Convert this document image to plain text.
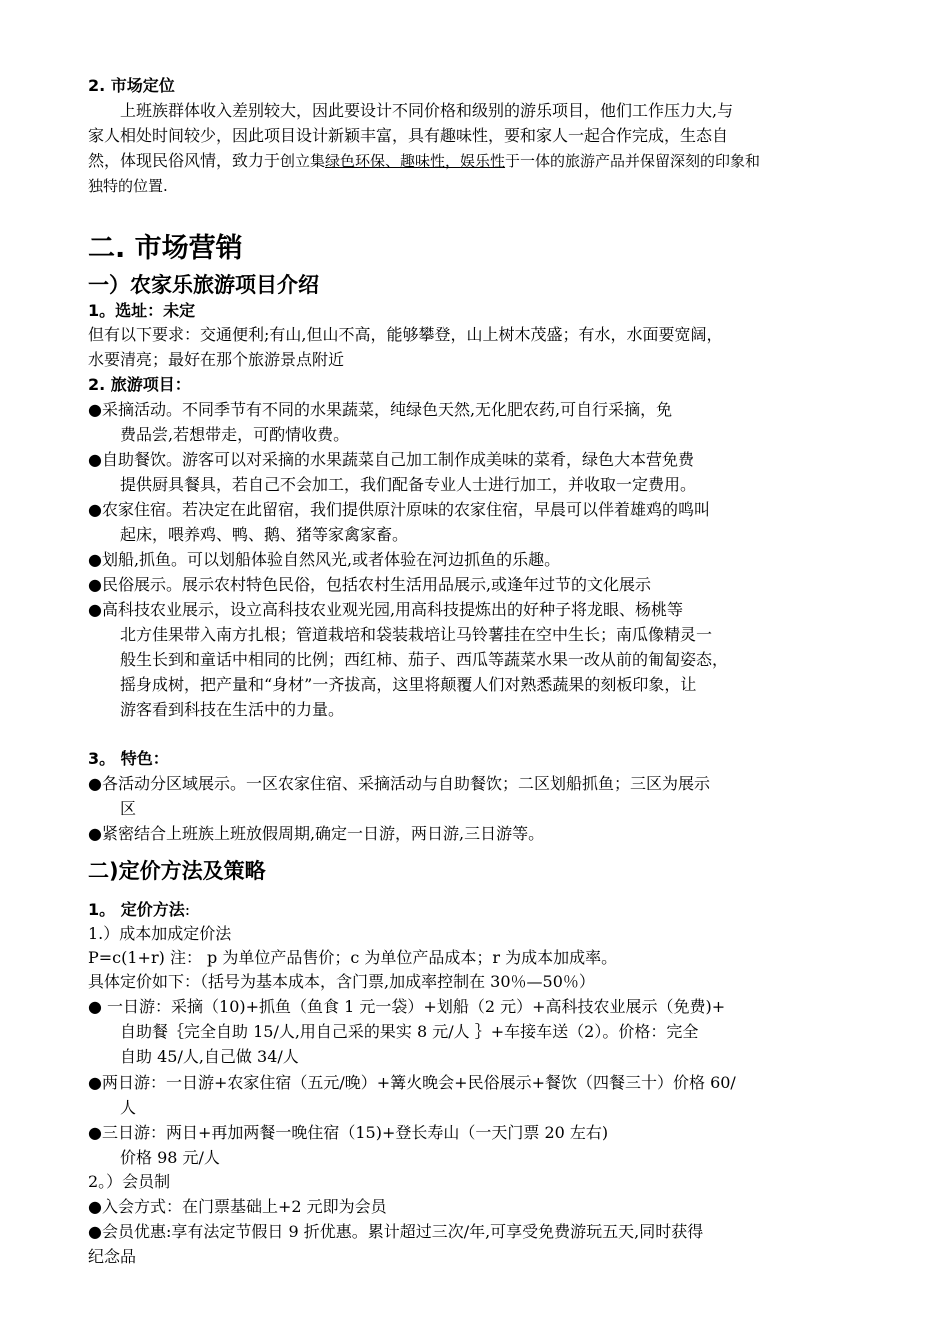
2. 市场定位
上班族群体收入差别较大，因此要设计不同价格和级别的游乐项目，他们工作压力大,与
家人相处时间较少，因此项目设计新颖丰富，具有趣味性，要和家人一起合作完成，生态自
然，体现民俗风情，致力于创立集绿色环保、趣味性，娱乐性于一体的旅游产品并保留深刻的印象和
独特的位置.
二. 市场营销
一）农家乐旅游项目介绍
1。选址：未定
但有以下要求：交通便利;有山,但山不高，能够攀登，山上树木茂盛；有水，水面要宽阔，
水要清亮；最好在那个旅游景点附近
2. 旅游项目：
●采摘活动。不同季节有不同的水果蔬菜，纯绿色天然,无化肥农药,可自行采摘，免
费品尝,若想带走，可酌情收费。
●自助餐饮。游客可以对采摘的水果蔬菜自己加工制作成美味的菜肴，绿色大本营免费
提供厨具餐具，若自己不会加工，我们配备专业人士进行加工，并收取一定费用。
●农家住宿。若决定在此留宿，我们提供原汁原味的农家住宿，早晨可以伴着雄鸡的鸣叫
起床，喂养鸡、鸭、鹅、猪等家禽家畜。
●划船,抓鱼。可以划船体验自然风光,或者体验在河边抓鱼的乐趣。
●民俗展示。展示农村特色民俗，包括农村生活用品展示,或逢年过节的文化展示
●高科技农业展示，设立高科技农业观光园,用高科技提炼出的好种子将龙眼、杨桃等
北方佳果带入南方扎根；管道栽培和袋装栽培让马铃薯挂在空中生长；南瓜像精灵一
般生长到和童话中相同的比例；西红柿、茄子、西瓜等蔬菜水果一改从前的匍匐姿态，
摇身成树，把产量和“身材”一齐拔高，这里将颠覆人们对熟悉蔬果的刻板印象，让
游客看到科技在生活中的力量。
3。 特色：
●各活动分区域展示。一区农家住宿、采摘活动与自助餐饮；二区划船抓鱼；三区为展示
区
●紧密结合上班族上班放假周期,确定一日游，两日游,三日游等。
二)定价方法及策略
1。 定价方法:
1.）成本加成定价法
P=c(1+r) 注： p 为单位产品售价；c 为单位产品成本；r 为成本加成率。
具体定价如下：（括号为基本成本，含门票,加成率控制在 30％—50％）
● 一日游：采摘（10)+抓鱼（鱼食 1 元一袋）+划船（2 元）+高科技农业展示（免费)+
自助餐｛完全自助 15/人,用自己采的果实 8 元/人 ｝+车接车送（2）。价格：完全
自助 45/人,自己做 34/人
●两日游：一日游+农家住宿（五元/晚）+篝火晚会+民俗展示+餐饮（四餐三十）价格 60/
人
●三日游：两日+再加两餐一晚住宿（15)+登长寿山（一天门票 20 左右)
价格 98 元/人
2。）会员制
●入会方式：在门票基础上+2 元即为会员
●会员优惠:享有法定节假日 9 折优惠。累计超过三次/年,可享受免费游玩五天,同时获得
纪念品
